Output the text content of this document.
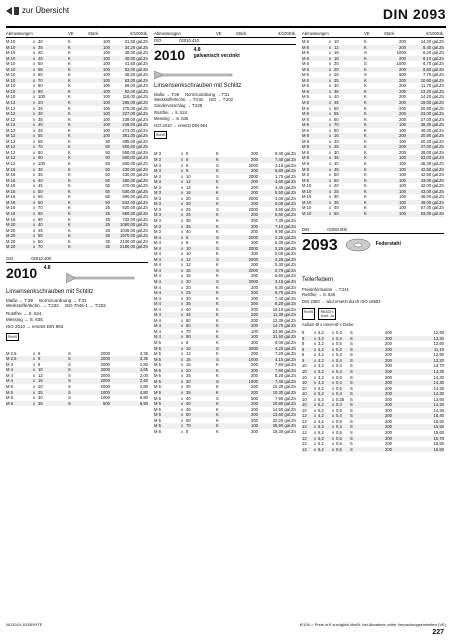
zur Übersicht	DIN 2093
Abmessungen	VE	Stück	€/100Stk.
M 10	x 30	K	100	31,50 gal.Zn
M 10	x 35	K	100	34,20 gal.Zn
M 10	x 40	K	100	36,00 gal.Zn
M 10	x 45	K	100	40,00 gal.Zn
M 10	x 50	K	100	41,50 gal.Zn
M 10	x 55	K	100	52,00 gal.Zn
M 10	x 60	K	100	48,00 gal.Zn
M 10	x 70	K	100	63,00 gal.Zn
M 10	x 80	K	100	69,00 gal.Zn
M 10	x 90	K	100	92,00 gal.Zn
M 10	x 100	K	100	116,00 gal.Zn
M 12	x 20	K	100	295,00 gal.Zn
M 12	x 25	K	100	275,00 gal.Zn
M 12	x 30	K	100	227,00 gal.Zn
M 12	x 35	K	100	239,00 gal.Zn
M 12	x 40	K	100	249,00 gal.Zn
M 12	x 45	K	100	273,00 gal.Zn
M 12	x 50	K	100	361,00 gal.Zn
M 12	x 55	K	50	395,00 gal.Zn
M 12	x 70	K	50	500,00 gal.Zn
M 12	x 80	K	50	550,00 gal.Zn
M 12	x 90	K	50	600,00 gal.Zn
M 12	x 100	K	50	660,00 gal.Zn
M 16	x 30	K	50	430,00 gal.Zn
M 16	x 35	K	50	430,00 gal.Zn
M 16	x 40	K	50	460,00 gal.Zn
M 16	x 45	K	50	470,00 gal.Zn
M 16	x 50	K	50	500,00 gal.Zn
M 16	x 55	K	50	590,00 gal.Zn
M 16	x 60	K	50	542,00 gal.Zn
M 16	x 70	K	25	620,00 gal.Zn
M 16	x 80	K	25	660,00 gal.Zn
M 16	x 90	K	25	732,00 gal.Zn
M 20	x 40	K	25	1080,00 gal.Zn
M 20	x 45	K	25	1045,00 gal.Zn
M 20	x 50	K	25	1970,00 gal.Zn
M 20	x 60	K	25	2130,00 gal.Zn
M 20	x 70	K	25	2180,00 gal.Zn
ISO	02010.400
2010 4.8
Linsensenkschrauben mit Schlitz
Maße → T:39 Normzuordnung → T:31
Werkstoffe/techn. → T:232 ISO 7046-1 → T:202
Rostfrei → S. 524
Messing → S. 635
ISO 2010 → ersetzt DIN 964
RoHS
M 2,5	x 6	S	2000	3,35
M 2,5	x 8	S	2000	3,35
M 3	x 8	S	2000	2,80
M 4	x 10	S	2000	1,65
M 4	x 12	S	2000	2,00
M 4	x 16	S	2000	2,40
M 6	x 20	S	2000	2,80
M 5	x 25	S	1000	4,80
M 5	x 30	S	1000	6,80
M 5	x 35	S	500	6,90
Abmessungen	VE	Stück	€/100Stk.
ISO	02010.410
2010 4.8
galvanisch verzinkt
Linsensenkschrauben mit Schlitz
Maße → T:39 Normzuordnung → T:31
Werkstoffe/techn. → T:232 ISO → T:202
Sondervorschlag → T:228
Rostfrei → S. 524
Messing → S. 635
ISO 2010 → ersetzt DIN 964
RoHS
M 3	x 5	K	200	9,40 gal.Zn
M 3	x 6	K	200	7,40 gal.Zn
M 3	x 8	S	2000	2,15 gal.Zn
M 3	x 8	K	200	5,80 gal.Zn
M 3	x 10	S	2000	1,70 gal.Zn
M 3	x 12	K	200	4,60 gal.Zn
M 3	x 12	K	200	4,45 gal.Zn
M 3	x 16	K	200	5,50 gal.Zn
M 3	x 20	S	2000	3,00 gal.Zn
M 3	x 20	K	200	6,00 gal.Zn
M 3	x 25	S	2000	3,65 gal.Zn
M 3	x 25	K	200	6,60 gal.Zn
M 3	x 30	K	200	7,30 gal.Zn
M 3	x 35	K	200	7,10 gal.Zn
M 3	x 40	K	200	9,90 gal.Zn
M 4	x 6	S	2000	2,25 gal.Zn
M 4	x 8	K	200	5,30 gal.Zn
M 4	x 10	S	2000	2,20 gal.Zn
M 4	x 10	K	200	5,00 gal.Zn
M 4	x 12	S	2000	2,25 gal.Zn
M 4	x 12	K	200	5,30 gal.Zn
M 4	x 16	S	2000	2,70 gal.Zn
M 4	x 16	K	200	5,60 gal.Zn
M 4	x 20	S	2000	3,15 gal.Zn
M 4	x 20	K	200	6,30 gal.Zn
M 4	x 25	K	200	6,70 gal.Zn
M 4	x 30	K	200	7,40 gal.Zn
M 4	x 35	K	200	8,20 gal.Zn
M 4	x 40	K	200	10,10 gal.Zn
M 4	x 45	K	200	11,30 gal.Zn
M 4	x 50	K	200	12,30 gal.Zn
M 4	x 60	K	200	14,70 gal.Zn
M 4	x 70	K	100	23,90 gal.Zn
M 4	x 80	K	100	31,50 gal.Zn
M 5	x 8	K	200	9,00 gal.Zn
M 5	x 10	S	2000	4,20 gal.Zn
M 5	x 12	K	200	7,20 gal.Zn
M 5	x 16	S	1000	4,15 gal.Zn
M 5	x 16	K	200	7,60 gal.Zn
M 5	x 20	K	200	7,60 gal.Zn
M 5	x 25	K	200	8,20 gal.Zn
M 5	x 30	S	1000	7,40 gal.Zn
M 5	x 30	K	200	10,30 gal.Zn
M 5	x 35	K	200	10,30 gal.Zn
M 5	x 40	S	500	7,90 gal.Zn
M 5	x 40	K	200	10,80 gal.Zn
M 5	x 45	K	200	14,50 gal.Zn
M 5	x 50	K	200	13,60 gal.Zn
M 5	x 60	K	200	22,20 gal.Zn
M 5	x 70	K	100	29,90 gal.Zn
M 6	x 8	K	200	19,30 gal.Zn
Abmessungen	VE	Stück	€/100Stk.
M 6	x 10	K	200	14,20 gal.Zn
M 6	x 12	K	200	9,40 gal.Zn
M 6	x 16	S	1000	6,20 gal.Zn
M 6	x 16	K	200	9,10 gal.Zn
M 6	x 20	S	1000	6,70 gal.Zn
M 6	x 20	K	200	9,60 gal.Zn
M 6	x 25	S	500	7,70 gal.Zn
M 6	x 25	K	200	10,60 gal.Zn
M 6	x 30	K	200	11,70 gal.Zn
M 6	x 35	K	200	13,20 gal.Zn
M 6	x 40	K	200	14,20 gal.Zn
M 6	x 45	K	200	19,00 gal.Zn
M 6	x 50	K	200	20,90 gal.Zn
M 6	x 55	K	200	23,00 gal.Zn
M 6	x 60	K	200	27,00 gal.Zn
M 6	x 70	K	100	38,30 gal.Zn
M 6	x 80	K	100	46,00 gal.Zn
M 8	x 16	K	200	20,90 gal.Zn
M 8	x 20	K	100	20,20 gal.Zn
M 8	x 25	K	200	27,00 gal.Zn
M 8	x 30	K	200	28,00 gal.Zn
M 8	x 35	K	100	33,00 gal.Zn
M 8	x 40	K	100	46,30 gal.Zn
M 8	x 45	K	100	42,50 gal.Zn
M 8	x 50	K	100	42,50 gal.Zn
M 8	x 60	K	100	43,00 gal.Zn
M 10	x 20	K	100	42,00 gal.Zn
M 10	x 25	K	100	43,00 gal.Zn
M 10	x 30	K	100	46,00 gal.Zn
M 10	x 35	K	100	49,00 gal.Zn
M 10	x 40	K	100	57,00 gal.Zn
M 10	x 50	K	100	63,00 gal.Zn
DIN	02093.000
2093	Federstahl
Tellerfedern
Preisinformation → T:241
Rostfrei → S. 535
DIN 2093 → wird ersetzt durch ISO 16983
RoHS	REACH-Konf. Ja
Außen-Ø x Innen-Ø x Dicke
8	x 3,2	x 0,3	S	200	12,90
8	x 3,2	x 0,4	S	200	13,20
8	x 3,2	x 0,5	S	200	13,60
8	x 4,2	x 0,2	S	200	11,10
8	x 4,2	x 0,3	S	200	12,90
8	x 4,2	x 0,4	S	200	13,20
10	x 3,2	x 0,3	S	200	13,70
10	x 3,2	x 0,4	S	200	14,30
10	x 3,2	x 0,5	S	200	14,30
10	x 4,2	x 0,4	S	200	14,30
10	x 4,2	x 0,5	S	200	14,30
10	x 5,2	x 0,4	S	200	14,30
10	x 5,2	x 0,25	S	200	13,60
10	x 5,2	x 0,4	S	200	14,20
10	x 5,2	x 0,5	S	200	14,30
12	x 4,2	x 0,4	S	200	15,40
12	x 4,2	x 0,5	S	200	15,50
12	x 5,2	x 0,4	S	200	15,50
12	x 5,2	x 0,5	S	200	15,60
12	x 5,2	x 0,6	S	200	15,70
12	x 6,2	x 0,5	S	200	15,50
12	x 6,2	x 0,5	S	200	15,50
NO2019.10/DE/HTE	€/100 = Preis in € zuzüglich MwSt. bei Abnahme voller Verpackungseinheiten (VE)
227
